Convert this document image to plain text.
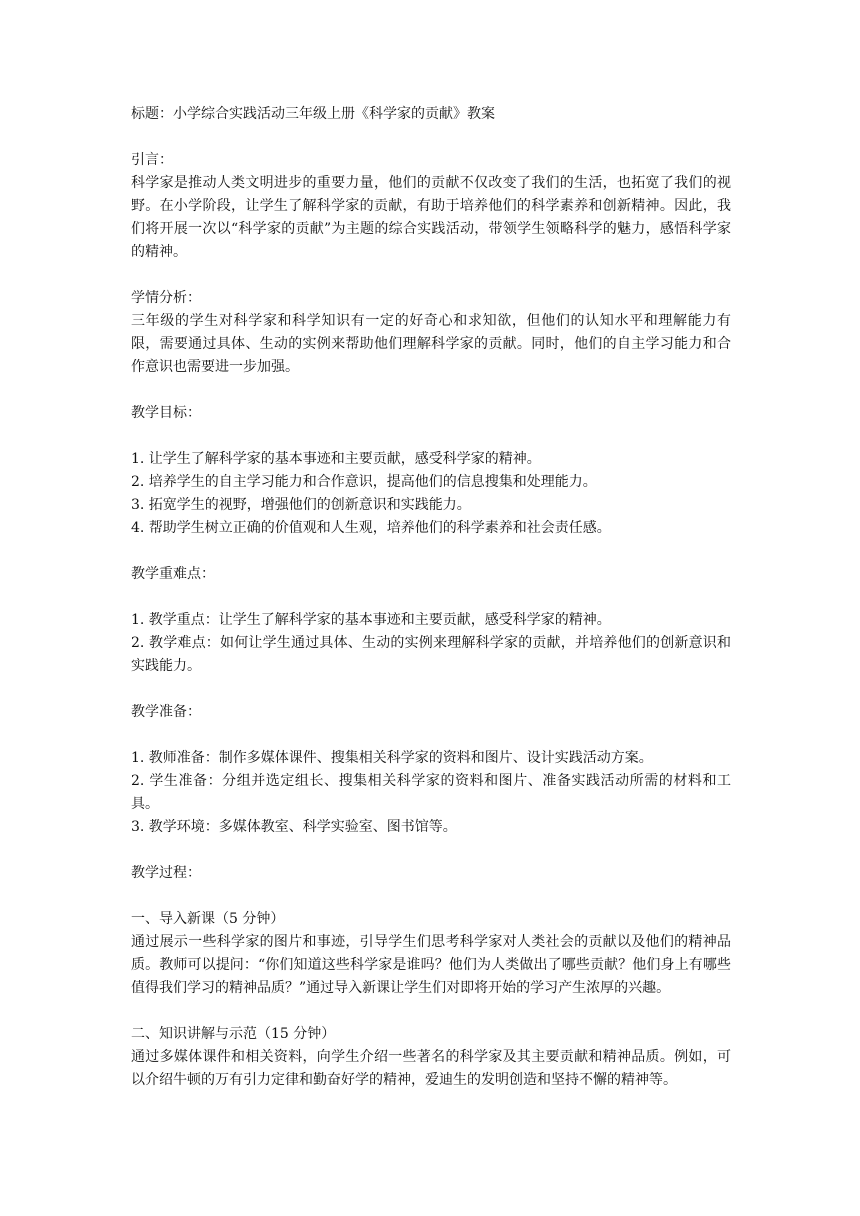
标题：小学综合实践活动三年级上册《科学家的贡献》教案

引言：

科学家是推动人类文明进步的重要力量，他们的贡献不仅改变了我们的生活，也拓宽了我们的视野。在小学阶段，让学生了解科学家的贡献，有助于培养他们的科学素养和创新精神。因此，我们将开展一次以“科学家的贡献”为主题的综合实践活动，带领学生领略科学的魅力，感悟科学家的精神。

学情分析：

三年级的学生对科学家和科学知识有一定的好奇心和求知欲，但他们的认知水平和理解能力有限，需要通过具体、生动的实例来帮助他们理解科学家的贡献。同时，他们的自主学习能力和合作意识也需要进一步加强。

教学目标：

1. 让学生了解科学家的基本事迹和主要贡献，感受科学家的精神。

2. 培养学生的自主学习能力和合作意识，提高他们的信息搜集和处理能力。

3. 拓宽学生的视野，增强他们的创新意识和实践能力。

4. 帮助学生树立正确的价值观和人生观，培养他们的科学素养和社会责任感。

教学重难点：

1. 教学重点：让学生了解科学家的基本事迹和主要贡献，感受科学家的精神。

2. 教学难点：如何让学生通过具体、生动的实例来理解科学家的贡献，并培养他们的创新意识和实践能力。

教学准备：

1. 教师准备：制作多媒体课件、搜集相关科学家的资料和图片、设计实践活动方案。

2. 学生准备：分组并选定组长、搜集相关科学家的资料和图片、准备实践活动所需的材料和工具。

3. 教学环境：多媒体教室、科学实验室、图书馆等。

教学过程：

一、导入新课（5 分钟）

通过展示一些科学家的图片和事迹，引导学生们思考科学家对人类社会的贡献以及他们的精神品质。教师可以提问：“你们知道这些科学家是谁吗？他们为人类做出了哪些贡献？他们身上有哪些值得我们学习的精神品质？”通过导入新课让学生们对即将开始的学习产生浓厚的兴趣。

二、知识讲解与示范（15 分钟）

通过多媒体课件和相关资料，向学生介绍一些著名的科学家及其主要贡献和精神品质。例如，可以介绍牛顿的万有引力定律和勤奋好学的精神，爱迪生的发明创造和坚持不懈的精神等。
